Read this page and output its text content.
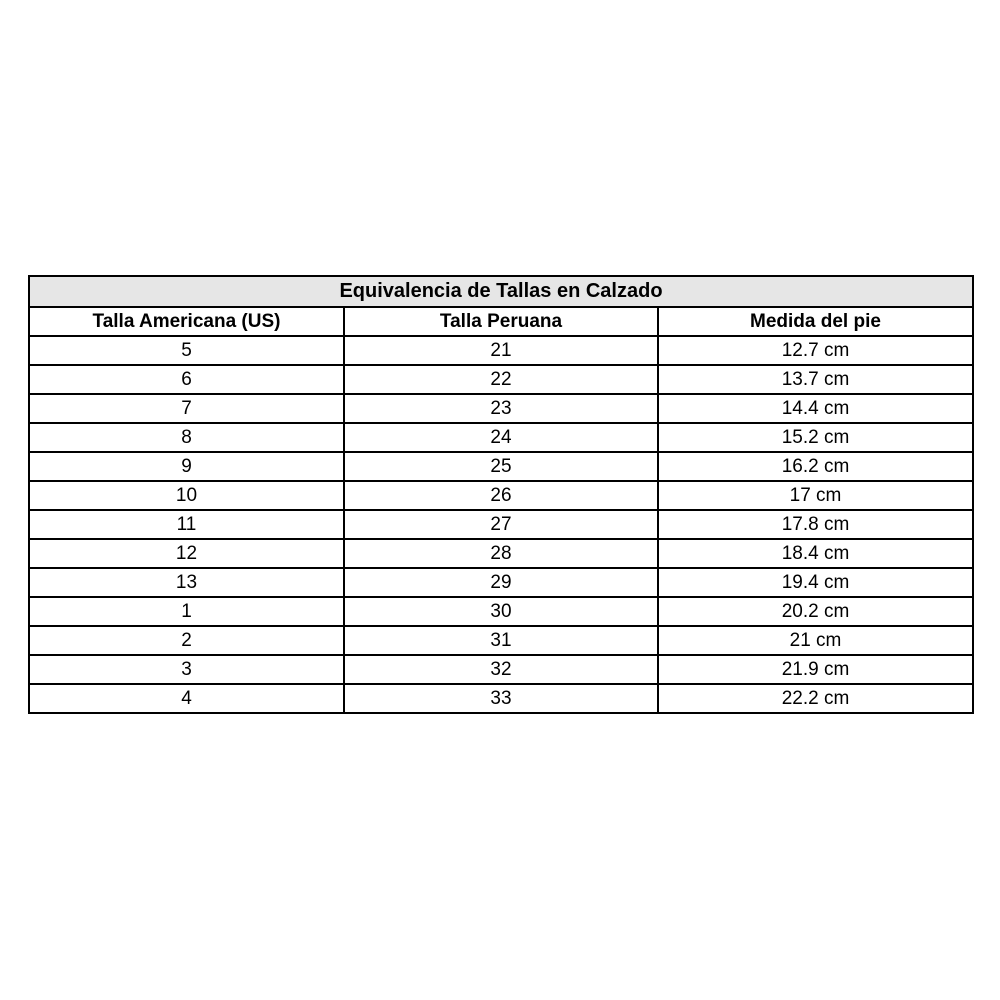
Equivalencia de Tallas en Calzado		
Talla Americana (US)	Talla Peruana	Medida del pie
5	21	12.7 cm
6	22	13.7 cm
7	23	14.4 cm
8	24	15.2 cm
9	25	16.2 cm
10	26	17 cm
11	27	17.8 cm
12	28	18.4 cm
13	29	19.4 cm
1	30	20.2 cm
2	31	21 cm
3	32	21.9 cm
4	33	22.2 cm
